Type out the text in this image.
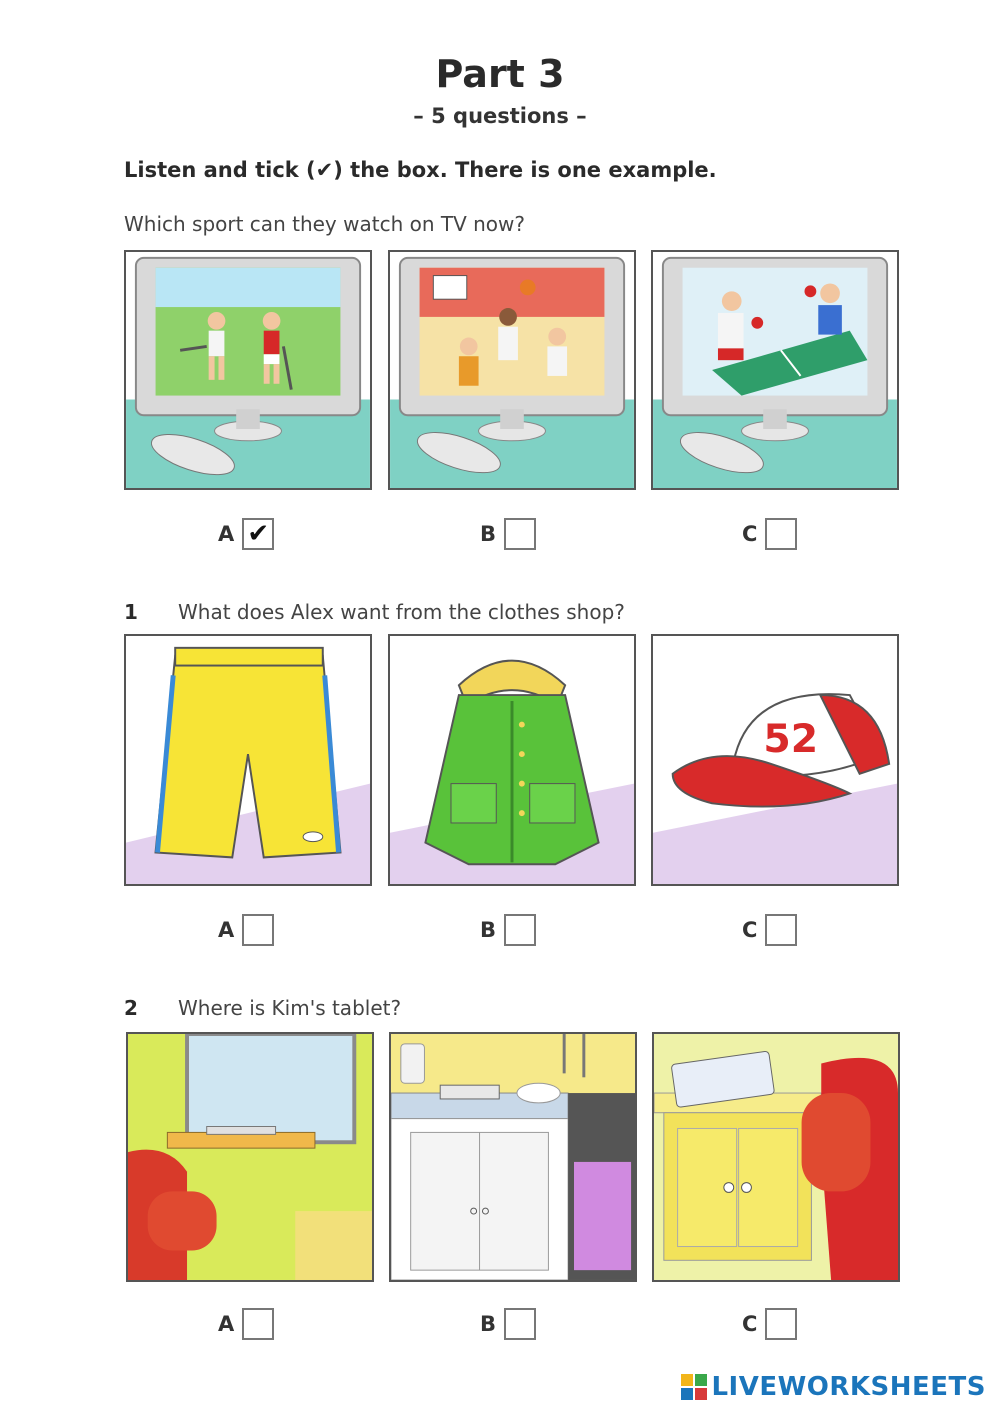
Part 3
– 5 questions –
Listen and tick (✔) the box. There is one example.
Which sport can they watch on TV now?
A ✔	B	C
1 What does Alex want from the clothes shop?
52
A	B	C
2 Where is Kim's tablet?
A	B	C
LIVEWORKSHEETS
